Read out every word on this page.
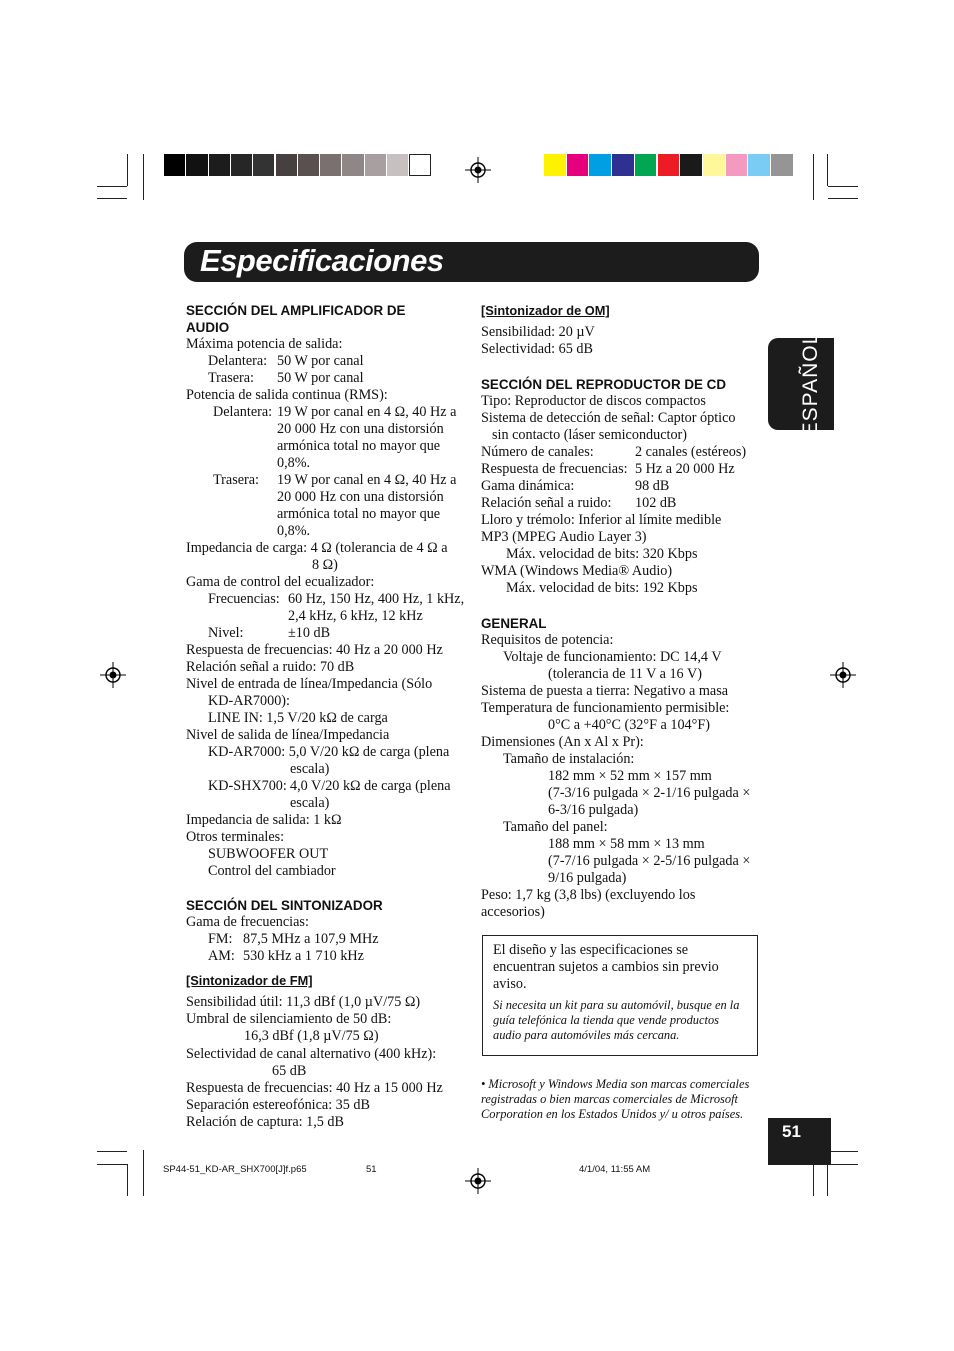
Especificaciones
ESPAÑOL
SECCIÓN DEL AMPLIFICADOR DE
AUDIO
Máxima potencia de salida:
Delantera: 50 W por canal
Trasera: 50 W por canal
Potencia de salida continua (RMS):
Delantera: 19 W por canal en 4 Ω, 40 Hz a
20 000 Hz con una distorsión
armónica total no mayor que
0,8%.
Trasera: 19 W por canal en 4 Ω, 40 Hz a
20 000 Hz con una distorsión
armónica total no mayor que
0,8%.
Impedancia de carga: 4 Ω (tolerancia de 4 Ω a
8 Ω)
Gama de control del ecualizador:
Frecuencias: 60 Hz, 150 Hz, 400 Hz, 1 kHz,
2,4 kHz, 6 kHz, 12 kHz
Nivel:	±10 dB
Respuesta de frecuencias: 40 Hz a 20 000 Hz
Relación señal a ruido: 70 dB
Nivel de entrada de línea/Impedancia (Sólo
KD-AR7000):
LINE IN: 1,5 V/20 kΩ de carga
Nivel de salida de línea/Impedancia
KD-AR7000: 5,0 V/20 kΩ de carga (plena
escala)
KD-SHX700: 4,0 V/20 kΩ de carga (plena
escala)
Impedancia de salida: 1 kΩ
Otros terminales:
SUBWOOFER OUT
Control del cambiador
SECCIÓN DEL SINTONIZADOR
Gama de frecuencias:
FM: 87,5 MHz a 107,9 MHz
AM: 530 kHz a 1 710 kHz
[Sintonizador de FM]
Sensibilidad útil: 11,3 dBf (1,0 µV/75 Ω)
Umbral de silenciamiento de 50 dB:
16,3 dBf (1,8 µV/75 Ω)
Selectividad de canal alternativo (400 kHz):
65 dB
Respuesta de frecuencias: 40 Hz a 15 000 Hz
Separación estereofónica: 35 dB
Relación de captura: 1,5 dB
[Sintonizador de OM]
Sensibilidad: 20 µV
Selectividad: 65 dB
SECCIÓN DEL REPRODUCTOR DE CD
Tipo: Reproductor de discos compactos
Sistema de detección de señal: Captor óptico
sin contacto (láser semiconductor)
Número de canales:	2 canales (estéreos)
Respuesta de frecuencias: 5 Hz a 20 000 Hz
Gama dinámica:	98 dB
Relación señal a ruido: 102 dB
Lloro y trémolo: Inferior al límite medible
MP3 (MPEG Audio Layer 3)
Máx. velocidad de bits: 320 Kbps
WMA (Windows Media® Audio)
Máx. velocidad de bits: 192 Kbps
GENERAL
Requisitos de potencia:
Voltaje de funcionamiento: DC 14,4 V
(tolerancia de 11 V a 16 V)
Sistema de puesta a tierra: Negativo a masa
Temperatura de funcionamiento permisible:
0°C a +40°C (32°F a 104°F)
Dimensiones (An x Al x Pr):
Tamaño de instalación:
182 mm × 52 mm × 157 mm
(7-3/16 pulgada × 2-1/16 pulgada ×
6-3/16 pulgada)
Tamaño del panel:
188 mm × 58 mm × 13 mm
(7-7/16 pulgada × 2-5/16 pulgada ×
9/16 pulgada)
Peso: 1,7 kg (3,8 lbs) (excluyendo los
accesorios)
El diseño y las especificaciones se encuentran sujetos a cambios sin previo aviso.
Si necesita un kit para su automóvil, busque en la guía telefónica la tienda que vende productos audio para automóviles más cercana.
• Microsoft y Windows Media son marcas comerciales registradas o bien marcas comerciales de Microsoft Corporation en los Estados Unidos y/ u otros países.
51
SP44-51_KD-AR_SHX700[J]f.p65	51	4/1/04, 11:55 AM
